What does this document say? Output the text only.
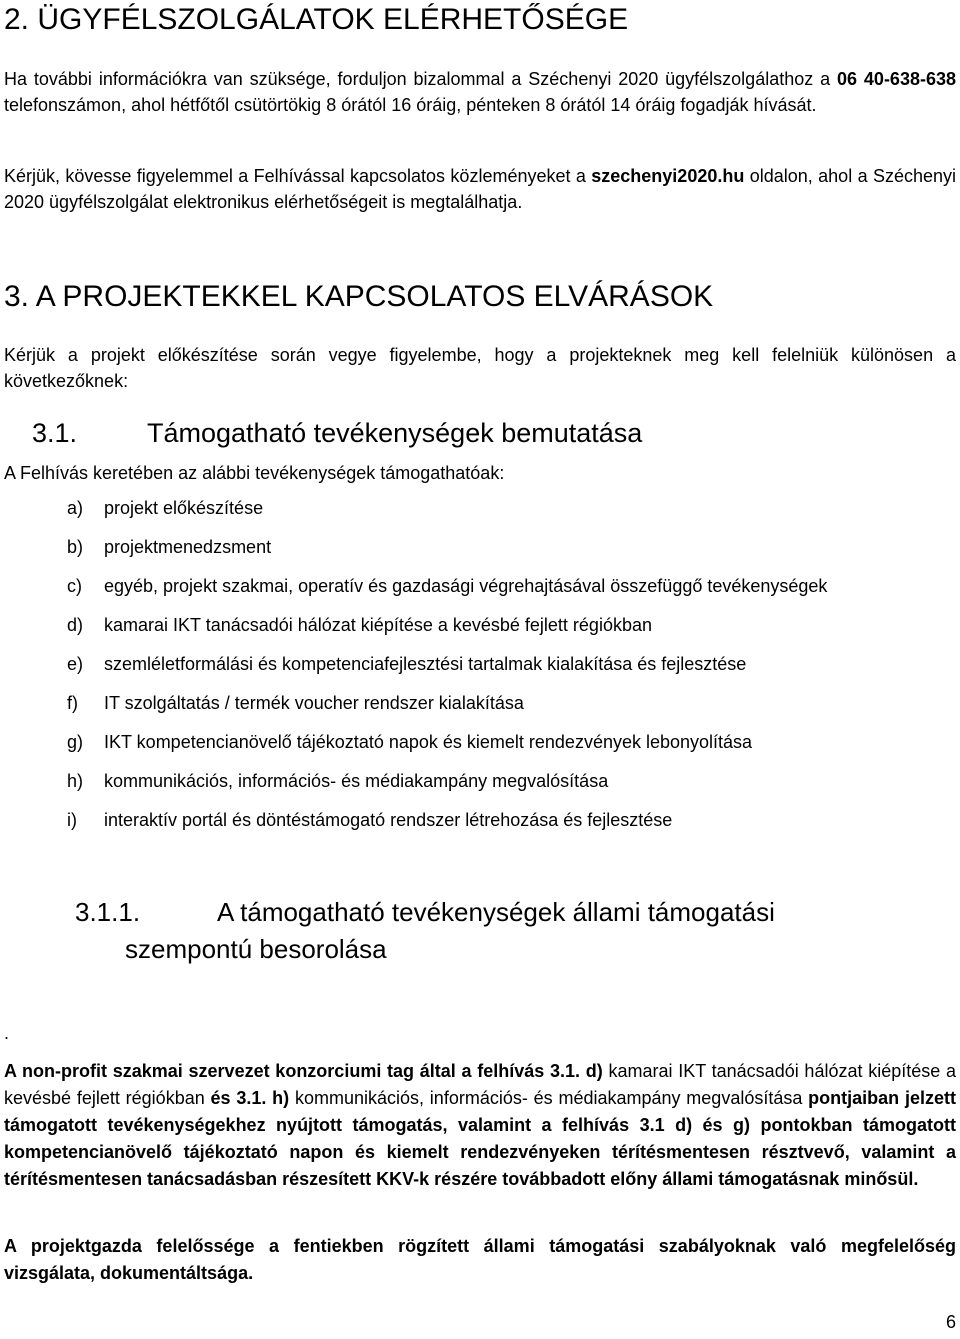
2. ÜGYFÉLSZOLGÁLATOK ELÉRHETŐSÉGE
Ha további információkra van szüksége, forduljon bizalommal a Széchenyi 2020 ügyfélszolgálathoz a 06 40-638-638 telefonszámon, ahol hétfőtől csütörtökig 8 órától 16 óráig, pénteken 8 órától 14 óráig fogadják hívását.
Kérjük, kövesse figyelemmel a Felhívással kapcsolatos közleményeket a szechenyi2020.hu oldalon, ahol a Széchenyi 2020 ügyfélszolgálat elektronikus elérhetőségeit is megtalálhatja.
3. A PROJEKTEKKEL KAPCSOLATOS ELVÁRÁSOK
Kérjük a projekt előkészítése során vegye figyelembe, hogy a projekteknek meg kell felelniük különösen a következőknek:
3.1.	Támogatható tevékenységek bemutatása
A Felhívás keretében az alábbi tevékenységek támogathatóak:
a) projekt előkészítése
b) projektmenedzsment
c) egyéb, projekt szakmai, operatív és gazdasági végrehajtásával összefüggő tevékenységek
d) kamarai IKT tanácsadói hálózat kiépítése a kevésbé fejlett régiókban
e) szemléletformálási és kompetenciafejlesztési tartalmak kialakítása és fejlesztése
f) IT szolgáltatás / termék voucher rendszer kialakítása
g) IKT kompetencianövelő tájékoztató napok és kiemelt rendezvények lebonyolítása
h) kommunikációs, információs- és médiakampány megvalósítása
i) interaktív portál és döntéstámogató rendszer létrehozása és fejlesztése
3.1.1.	A támogatható tevékenységek állami támogatási
szempontú besorolása
.
A non-profit szakmai szervezet konzorciumi tag által a felhívás 3.1. d) kamarai IKT tanácsadói hálózat kiépítése a kevésbé fejlett régiókban és 3.1. h) kommunikációs, információs- és médiakampány megvalósítása pontjaiban jelzett támogatott tevékenységekhez nyújtott támogatás, valamint a felhívás 3.1 d) és g) pontokban támogatott kompetencianövelő tájékoztató napon és kiemelt rendezvényeken térítésmentesen résztvevő, valamint a térítésmentesen tanácsadásban részesített KKV-k részére továbbadott előny állami támogatásnak minősül.
A projektgazda felelőssége a fentiekben rögzített állami támogatási szabályoknak való megfelelőség vizsgálata, dokumentáltsága.
6
